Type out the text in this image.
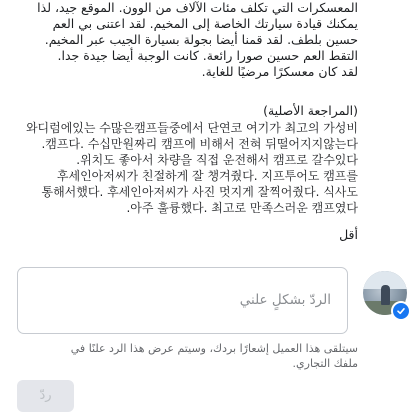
المعسكرات التي تكلف مئات الآلاف من الوون. الموقع جيد، لذا
يمكنك قيادة سيارتك الخاصة إلى المخيم. لقد اعتنى بي العم
حسين بلطف. لقد قمنا أيضا بجولة بسيارة الجيب عبر المخيم.
التقط العم حسين صورا رائعة. كانت الوجبة أيضا جيدة جدا.
لقد كان معسكرًا مرضيًا للغاية.
(المراجعة الأصلية)
와디럼에있는 수많은캠프들중에서 단연코 여기가 최고의 가성비
캠프다. 수십만원짜리 캠프에 비해서 전혀 뒤떨어지지않는다.
위치도 좋아서 차량을 직접 운전해서 캠프로 갈수있다.
후세인아저씨가 친절하게 잘 챙겨줬다. 지프투어도 캠프를
통해서했다. 후세인아저씨가 사진 멋지게 잘찍어줬다. 식사도
아주 훌륭했다. 최고로 만족스러운 캠프였다.
أقل
الردّ بشكلٍ علني
سيتلقى هذا العميل إشعارًا بردك، وسيتم عرض هذا الرد علنًا في
ملفك التجاري.
ردّ
